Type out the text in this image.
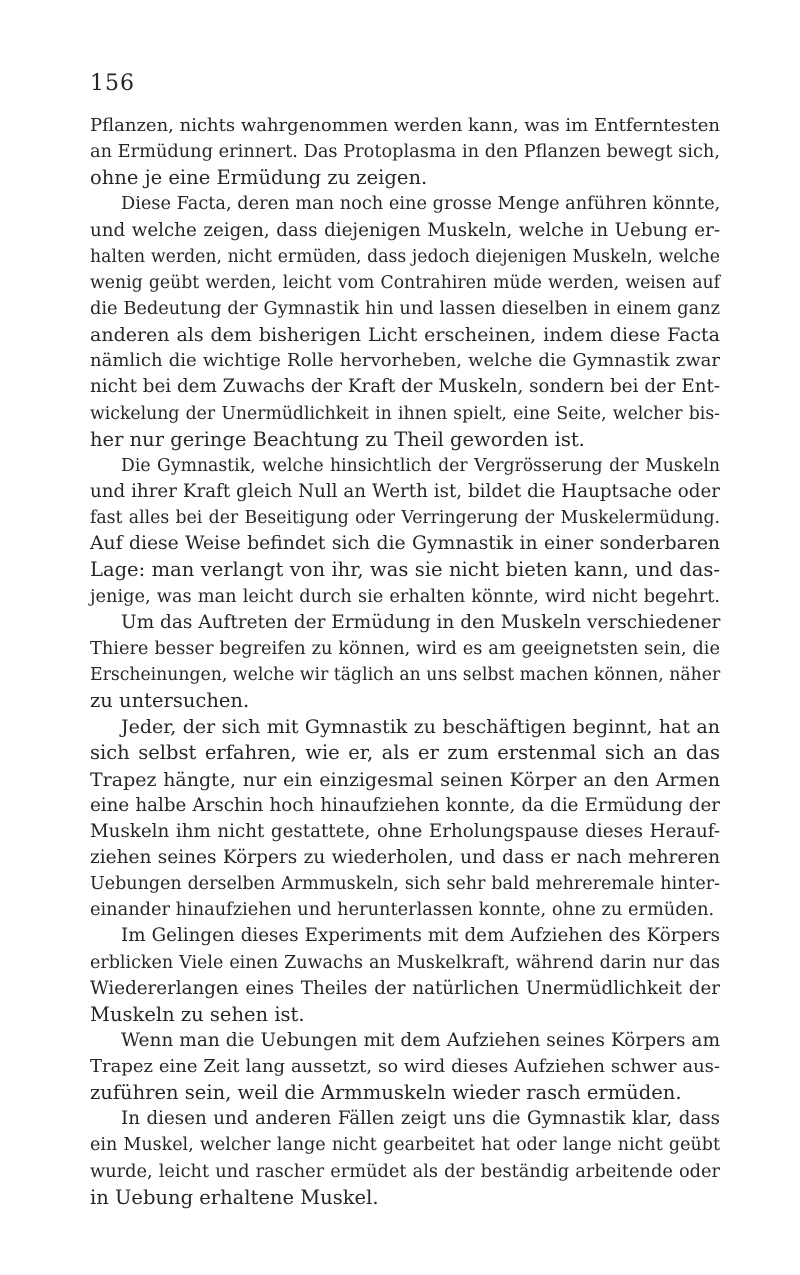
156
Pflanzen, nichts wahrgenommen werden kann, was im Entferntesten
an Ermüdung erinnert. Das Protoplasma in den Pflanzen bewegt sich,
ohne je eine Ermüdung zu zeigen.
Diese Facta, deren man noch eine grosse Menge anführen könnte,
und welche zeigen, dass diejenigen Muskeln, welche in Uebung er-
halten werden, nicht ermüden, dass jedoch diejenigen Muskeln, welche
wenig geübt werden, leicht vom Contrahiren müde werden, weisen auf
die Bedeutung der Gymnastik hin und lassen dieselben in einem ganz
anderen als dem bisherigen Licht erscheinen, indem diese Facta
nämlich die wichtige Rolle hervorheben, welche die Gymnastik zwar
nicht bei dem Zuwachs der Kraft der Muskeln, sondern bei der Ent-
wickelung der Unermüdlichkeit in ihnen spielt, eine Seite, welcher bis-
her nur geringe Beachtung zu Theil geworden ist.
Die Gymnastik, welche hinsichtlich der Vergrösserung der Muskeln
und ihrer Kraft gleich Null an Werth ist, bildet die Hauptsache oder
fast alles bei der Beseitigung oder Verringerung der Muskelermüdung.
Auf diese Weise befindet sich die Gymnastik in einer sonderbaren
Lage: man verlangt von ihr, was sie nicht bieten kann, und das-
jenige, was man leicht durch sie erhalten könnte, wird nicht begehrt.
Um das Auftreten der Ermüdung in den Muskeln verschiedener
Thiere besser begreifen zu können, wird es am geeignetsten sein, die
Erscheinungen, welche wir täglich an uns selbst machen können, näher
zu untersuchen.
Jeder, der sich mit Gymnastik zu beschäftigen beginnt, hat an
sich selbst erfahren, wie er, als er zum erstenmal sich an das
Trapez hängte, nur ein einzigesmal seinen Körper an den Armen
eine halbe Arschin hoch hinaufziehen konnte, da die Ermüdung der
Muskeln ihm nicht gestattete, ohne Erholungspause dieses Herauf-
ziehen seines Körpers zu wiederholen, und dass er nach mehreren
Uebungen derselben Armmuskeln, sich sehr bald mehreremale hinter-
einander hinaufziehen und herunterlassen konnte, ohne zu ermüden.
Im Gelingen dieses Experiments mit dem Aufziehen des Körpers
erblicken Viele einen Zuwachs an Muskelkraft, während darin nur das
Wiedererlangen eines Theiles der natürlichen Unermüdlichkeit der
Muskeln zu sehen ist.
Wenn man die Uebungen mit dem Aufziehen seines Körpers am
Trapez eine Zeit lang aussetzt, so wird dieses Aufziehen schwer aus-
zuführen sein, weil die Armmuskeln wieder rasch ermüden.
In diesen und anderen Fällen zeigt uns die Gymnastik klar, dass
ein Muskel, welcher lange nicht gearbeitet hat oder lange nicht geübt
wurde, leicht und rascher ermüdet als der beständig arbeitende oder
in Uebung erhaltene Muskel.
